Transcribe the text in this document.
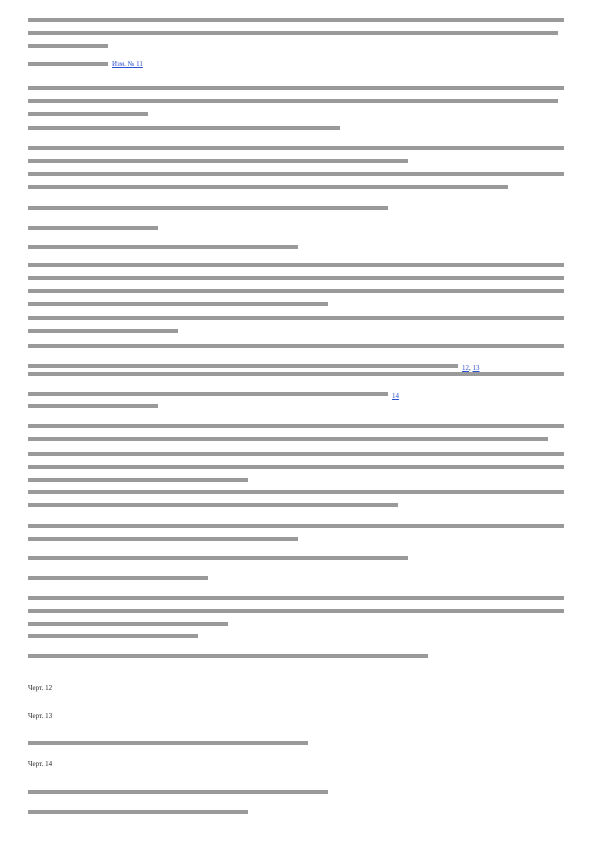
Изм. № 11
12, 13
14
Черт. 12
Черт. 13
Черт. 14
